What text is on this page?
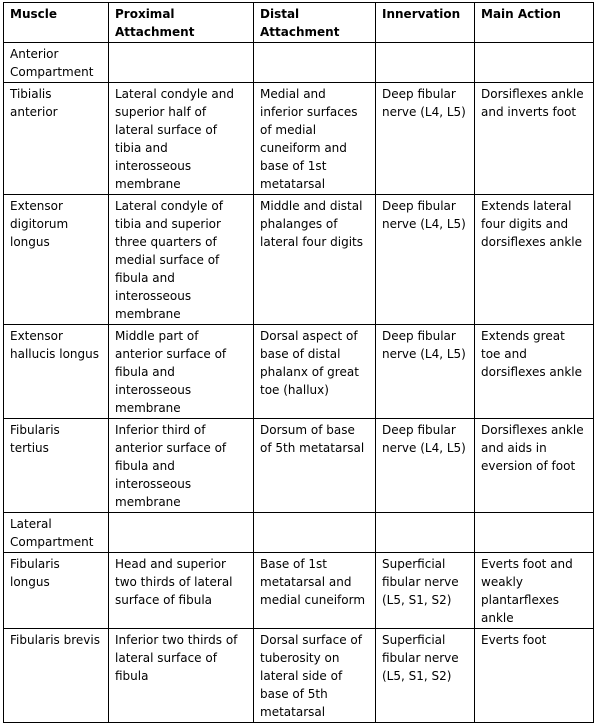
Muscle	Proximal Attachment	Distal Attachment	Innervation	Main Action
Anterior Compartment				
Tibialis anterior	Lateral condyle and superior half of lateral surface of tibia and interosseous membrane	Medial and inferior surfaces of medial cuneiform and base of 1st metatarsal	Deep fibular nerve (L4, L5)	Dorsiflexes ankle and inverts foot
Extensor digitorum longus	Lateral condyle of tibia and superior three quarters of medial surface of fibula and interosseous membrane	Middle and distal phalanges of lateral four digits	Deep fibular nerve (L4, L5)	Extends lateral four digits and dorsiflexes ankle
Extensor hallucis longus	Middle part of anterior surface of fibula and interosseous membrane	Dorsal aspect of base of distal phalanx of great toe (hallux)	Deep fibular nerve (L4, L5)	Extends great toe and dorsiflexes ankle
Fibularis tertius	Inferior third of anterior surface of fibula and interosseous membrane	Dorsum of base of 5th metatarsal	Deep fibular nerve (L4, L5)	Dorsiflexes ankle and aids in eversion of foot
Lateral Compartment				
Fibularis longus	Head and superior two thirds of lateral surface of fibula	Base of 1st metatarsal and medial cuneiform	Superficial fibular nerve (L5, S1, S2)	Everts foot and weakly plantarflexes ankle
Fibularis brevis	Inferior two thirds of lateral surface of fibula	Dorsal surface of tuberosity on lateral side of base of 5th metatarsal	Superficial fibular nerve (L5, S1, S2)	Everts foot
